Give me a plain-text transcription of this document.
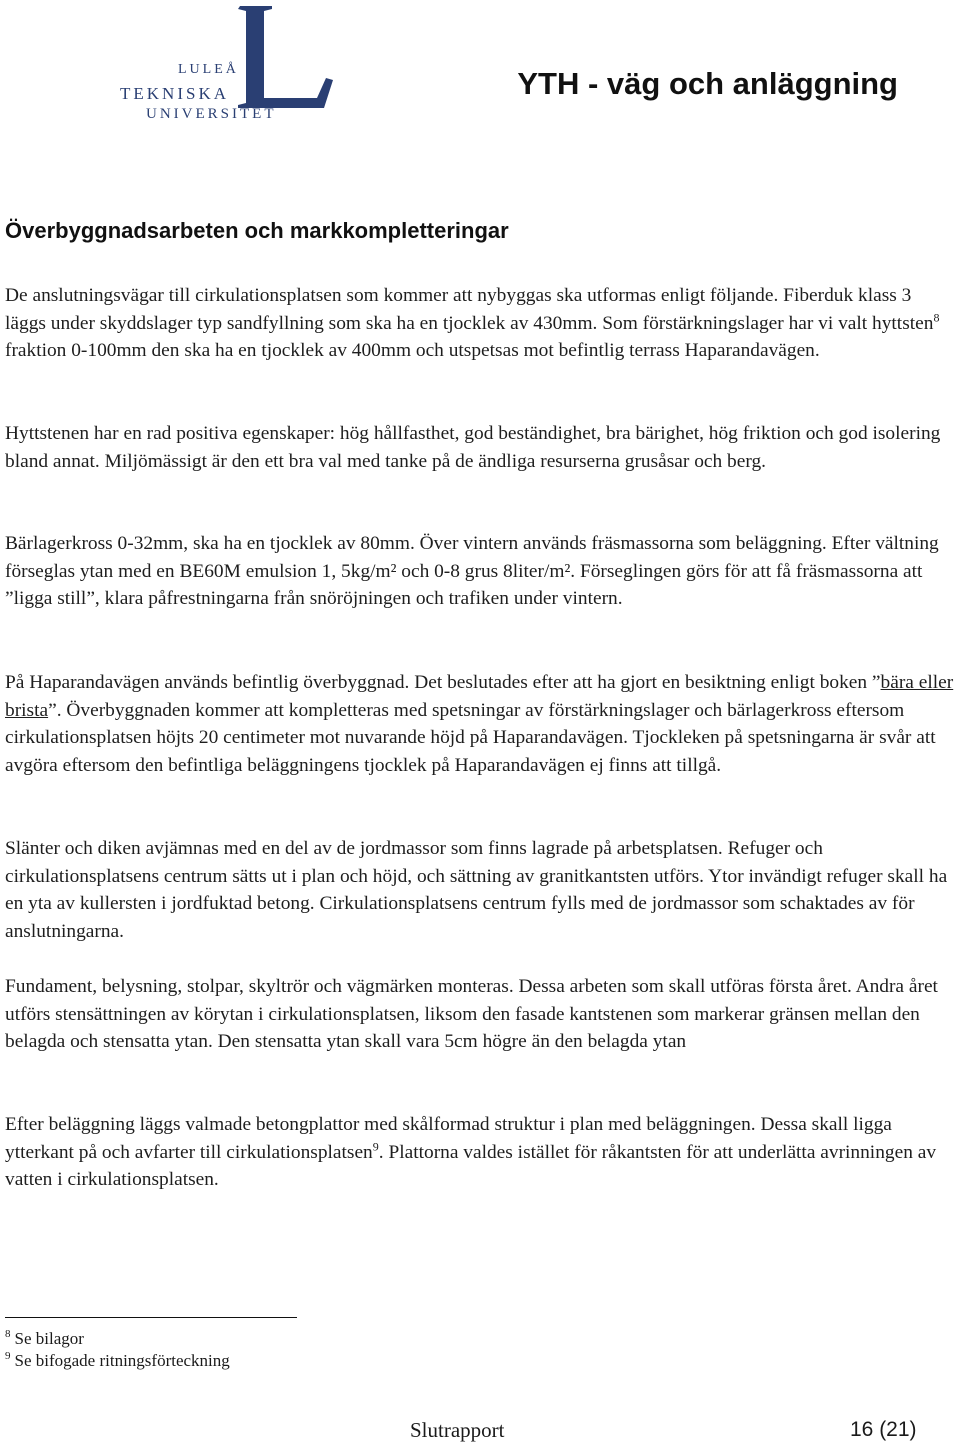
LULEÅ
TEKNISKA
UNIVERSITET
YTH - väg och anläggning
Överbyggnadsarbeten och markkompletteringar

De anslutningsvägar till cirkulationsplatsen som kommer att nybyggas ska utformas enligt följande. Fiberduk klass 3 läggs under skyddslager typ sandfyllning som ska ha en tjocklek av 430mm. Som förstärkningslager har vi valt hyttsten$^8$ fraktion 0-100mm den ska ha en tjocklek av 400mm och utspetsas mot befintlig terrass Haparandavägen.

Hyttstenen har en rad positiva egenskaper: hög hållfasthet, god beständighet, bra bärighet, hög friktion och god isolering bland annat. Miljömässigt är den ett bra val med tanke på de ändliga resurserna grusåsar och berg.

Bärlagerkross 0-32mm, ska ha en tjocklek av 80mm. Över vintern används fräsmassorna som beläggning. Efter vältning förseglas ytan med en BE60M emulsion 1, 5kg/m² och 0-8 grus 8liter/m². Förseglingen görs för att få fräsmassorna att ”ligga still”, klara påfrestningarna från snöröjningen och trafiken under vintern.

På Haparandavägen används befintlig överbyggnad. Det beslutades efter att ha gjort en besiktning enligt boken ”bära eller brista”. Överbyggnaden kommer att kompletteras med spetsningar av förstärkningslager och bärlagerkross eftersom cirkulationsplatsen höjts 20 centimeter mot nuvarande höjd på Haparandavägen. Tjockleken på spetsningarna är svår att avgöra eftersom den befintliga beläggningens tjocklek på Haparandavägen ej finns att tillgå.

Slänter och diken avjämnas med en del av de jordmassor som finns lagrade på arbetsplatsen. Refuger och cirkulationsplatsens centrum sätts ut i plan och höjd, och sättning av granitkantsten utförs. Ytor invändigt refuger skall ha en yta av kullersten i jordfuktad betong. Cirkulationsplatsens centrum fylls med de jordmassor som schaktades av för anslutningarna.

Fundament, belysning, stolpar, skyltrör och vägmärken monteras. Dessa arbeten som skall utföras första året. Andra året utförs stensättningen av körytan i cirkulationsplatsen, liksom den fasade kantstenen som markerar gränsen mellan den belagda och stensatta ytan. Den stensatta ytan skall vara 5cm högre än den belagda ytan

Efter beläggning läggs valmade betongplattor med skålformad struktur i plan med beläggningen. Dessa skall ligga ytterkant på och avfarter till cirkulationsplatsen$^9$. Plattorna valdes istället för råkantsten för att underlätta avrinningen av vatten i cirkulationsplatsen.

$^8$ Se bilagor
$^9$ Se bifogade ritningsförteckning
Slutrapport	16 (21)
